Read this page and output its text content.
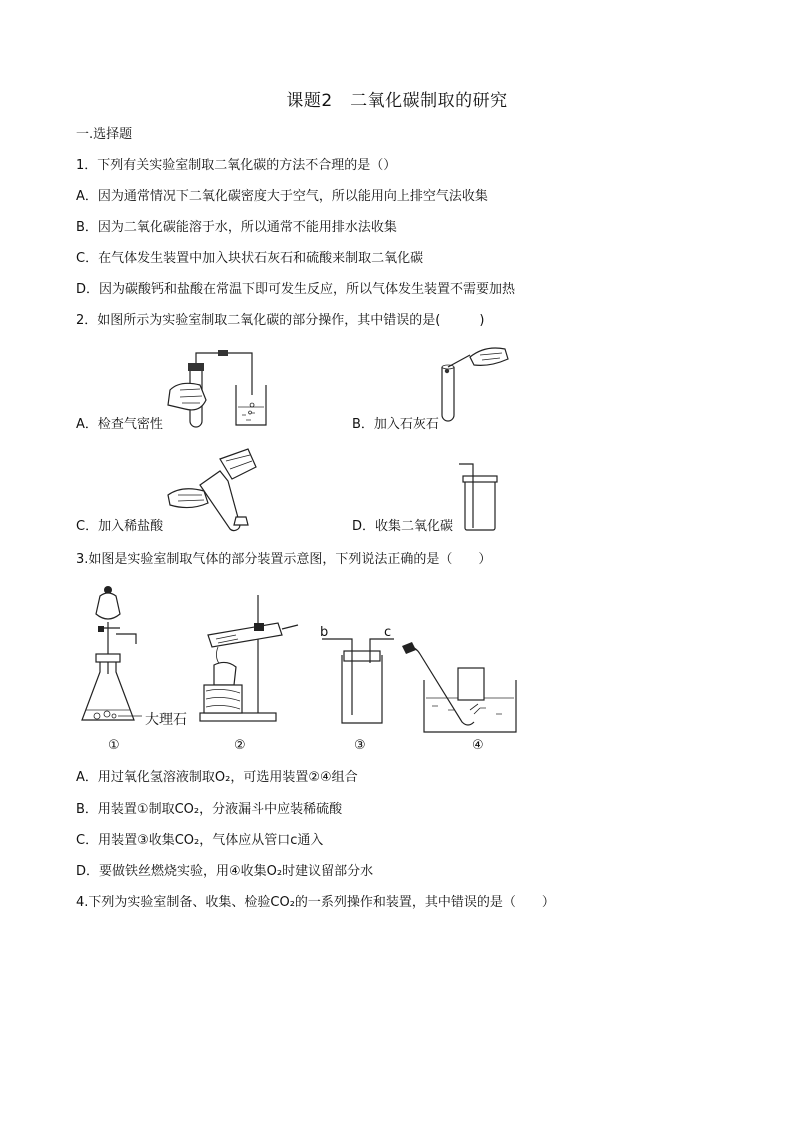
课题2　二氧化碳制取的研究
一.选择题
1．下列有关实验室制取二氧化碳的方法不合理的是（）
A．因为通常情况下二氧化碳密度大于空气，所以能用向上排空气法收集
B．因为二氧化碳能溶于水，所以通常不能用排水法收集
C．在气体发生装置中加入块状石灰石和硫酸来制取二氧化碳
D．因为碳酸钙和盐酸在常温下即可发生反应，所以气体发生装置不需要加热
2．如图所示为实验室制取二氧化碳的部分操作，其中错误的是(　　　)
A．检查气密性	B．加入石灰石
C．加入稀盐酸	D．收集二氧化碳
3.如图是实验室制取气体的部分装置示意图，下列说法正确的是（　　）
大理石
b	c
①	②	③	④
A．用过氧化氢溶液制取O₂，可选用装置②④组合
B．用装置①制取CO₂，分液漏斗中应装稀硫酸
C．用装置③收集CO₂，气体应从管口c通入
D．要做铁丝燃烧实验，用④收集O₂时建议留部分水
4.下列为实验室制备、收集、检验CO₂的一系列操作和装置，其中错误的是（　　）
